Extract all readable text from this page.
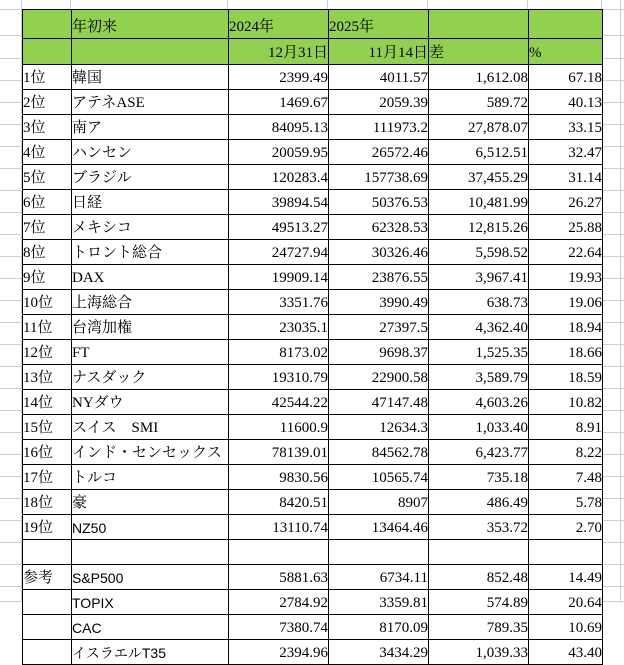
	年初来	2024年	2025年		
		12月31日	11月14日	差	%
1位	韓国	2399.49	4011.57	1,612.08	67.18
2位	アテネASE	1469.67	2059.39	589.72	40.13
3位	南ア	84095.13	111973.2	27,878.07	33.15
4位	ハンセン	20059.95	26572.46	6,512.51	32.47
5位	ブラジル	120283.4	157738.69	37,455.29	31.14
6位	日経	39894.54	50376.53	10,481.99	26.27
7位	メキシコ	49513.27	62328.53	12,815.26	25.88
8位	トロント総合	24727.94	30326.46	5,598.52	22.64
9位	DAX	19909.14	23876.55	3,967.41	19.93
10位	上海総合	3351.76	3990.49	638.73	19.06
11位	台湾加権	23035.1	27397.5	4,362.40	18.94
12位	FT	8173.02	9698.37	1,525.35	18.66
13位	ナスダック	19310.79	22900.58	3,589.79	18.59
14位	NYダウ	42544.22	47147.48	4,603.26	10.82
15位	スイス　SMI	11600.9	12634.3	1,033.40	8.91
16位	インド・センセックス	78139.01	84562.78	6,423.77	8.22
17位	トルコ	9830.56	10565.74	735.18	7.48
18位	豪	8420.51	8907	486.49	5.78
19位	NZ50	13110.74	13464.46	353.72	2.70

参考	S&P500	5881.63	6734.11	852.48	14.49
	TOPIX	2784.92	3359.81	574.89	20.64
	CAC	7380.74	8170.09	789.35	10.69
	イスラエルT35	2394.96	3434.29	1,039.33	43.40
